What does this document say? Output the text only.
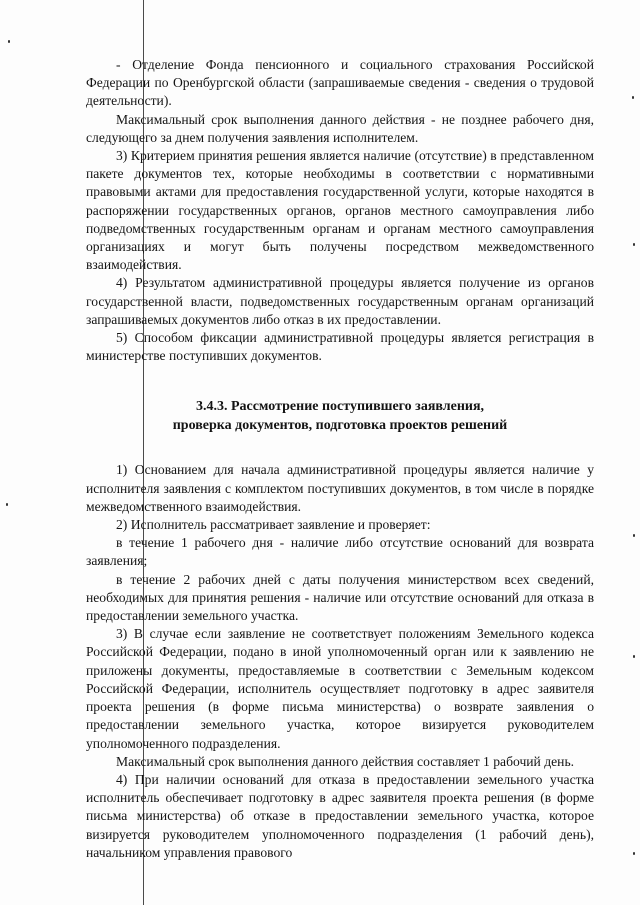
- Отделение Фонда пенсионного и социального страхования Российской Федерации по Оренбургской области (запрашиваемые сведения - сведения о трудовой деятельности).

Максимальный срок выполнения данного действия - не позднее рабочего дня, следующего за днем получения заявления исполнителем.

3) Критерием принятия решения является наличие (отсутствие) в представленном пакете документов тех, которые необходимы в соответствии с нормативными правовыми актами для предоставления государственной услуги, которые находятся в распоряжении государственных органов, органов местного самоуправления либо подведомственных государственным органам и органам местного самоуправления организациях и могут быть получены посредством межведомственного взаимодействия.

4) Результатом административной процедуры является получение из органов государственной власти, подведомственных государственным органам организаций запрашиваемых документов либо отказ в их предоставлении.

5) Способом фиксации административной процедуры является регистрация в министерстве поступивших документов.

3.4.3. Рассмотрение поступившего заявления,
проверка документов, подготовка проектов решений

1) Основанием для начала административной процедуры является наличие у исполнителя заявления с комплектом поступивших документов, в том числе в порядке межведомственного взаимодействия.

2) Исполнитель рассматривает заявление и проверяет:

в течение 1 рабочего дня - наличие либо отсутствие оснований для возврата заявления;

в течение 2 рабочих дней с даты получения министерством всех сведений, необходимых для принятия решения - наличие или отсутствие оснований для отказа в предоставлении земельного участка.

3) В случае если заявление не соответствует положениям Земельного кодекса Российской Федерации, подано в иной уполномоченный орган или к заявлению не приложены документы, предоставляемые в соответствии с Земельным кодексом Российской Федерации, исполнитель осуществляет подготовку в адрес заявителя проекта решения (в форме письма министерства) о возврате заявления о предоставлении земельного участка, которое визируется руководителем уполномоченного подразделения.

Максимальный срок выполнения данного действия составляет 1 рабочий день.

4) При наличии оснований для отказа в предоставлении земельного участка исполнитель обеспечивает подготовку в адрес заявителя проекта решения (в форме письма министерства) об отказе в предоставлении земельного участка, которое визируется руководителем уполномоченного подразделения (1 рабочий день), начальником управления правового
